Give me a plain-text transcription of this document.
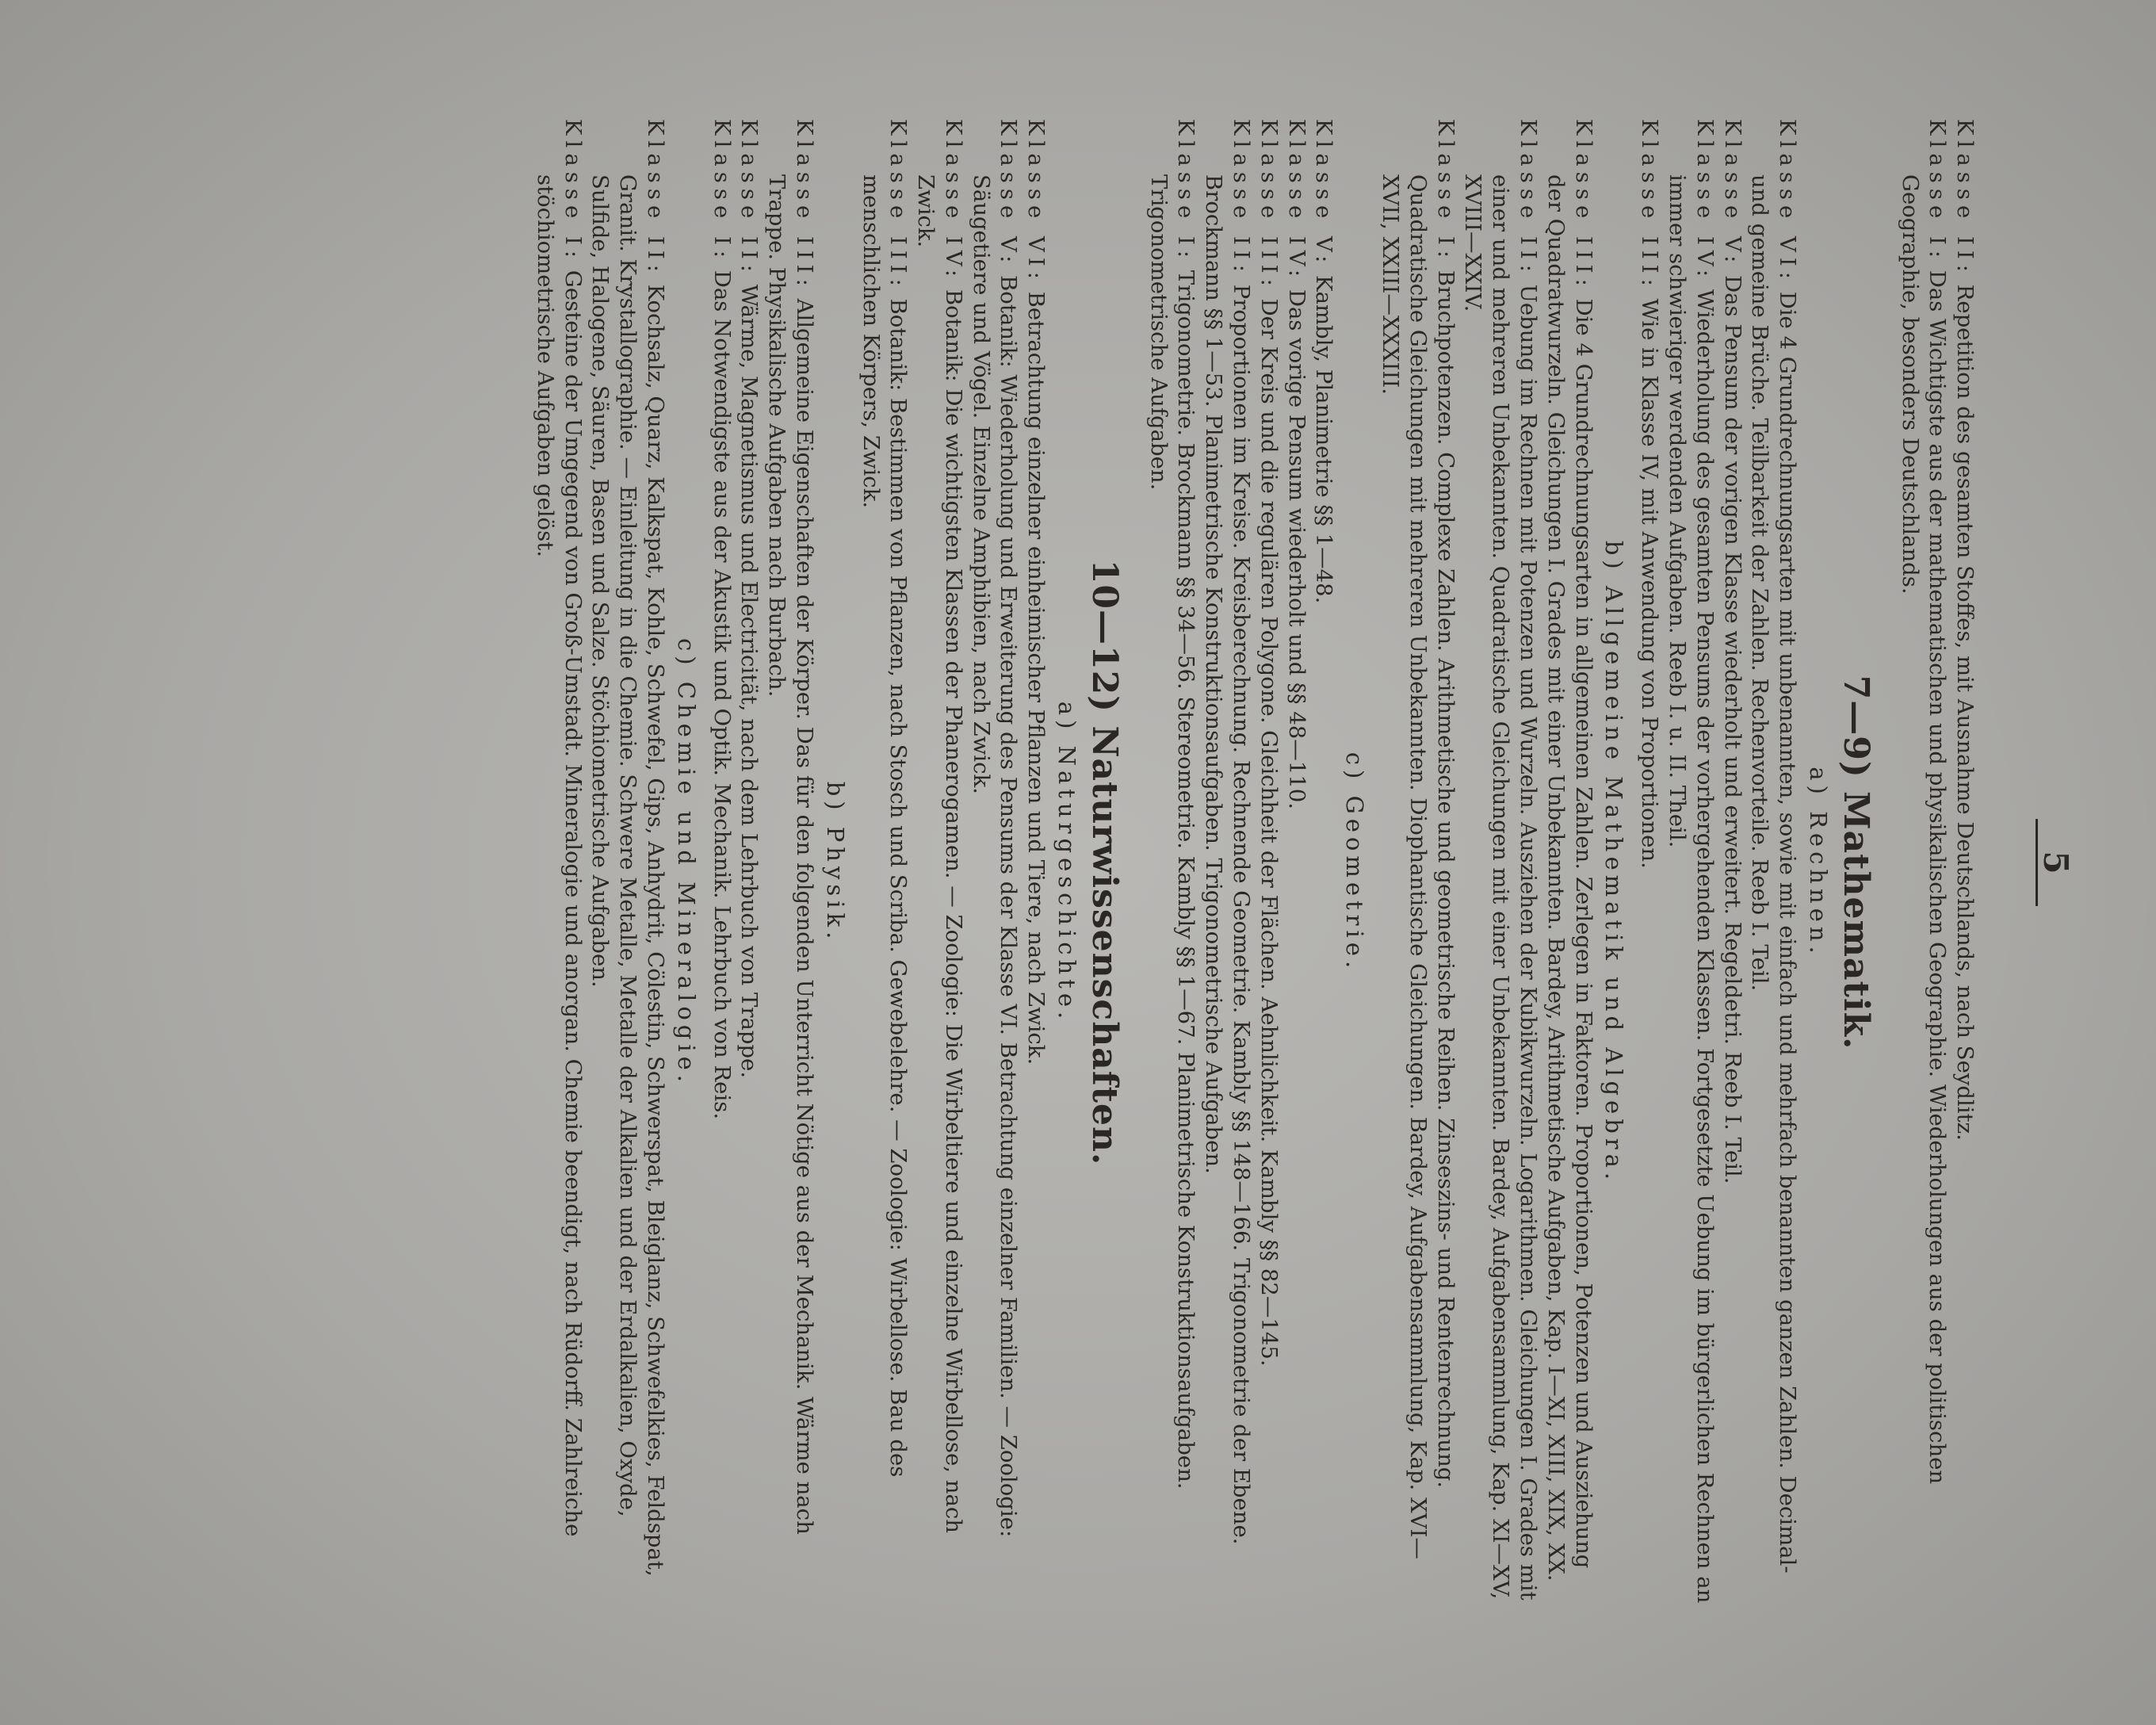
5

Klasse II: Repetition des gesamten Stoffes, mit Ausnahme Deutschlands, nach Seydlitz.

Klasse I: Das Wichtigste aus der mathematischen und physikalischen Geographie. Wiederholungen aus der politischen Geographie, besonders Deutschlands.

7—9) Mathematik.
a) Rechnen.

Klasse VI: Die 4 Grundrechnungsarten mit unbenannten, sowie mit einfach und mehrfach benannten ganzen Zahlen. Decimal- und gemeine Brüche. Teilbarkeit der Zahlen. Rechenvorteile. Reeb I. Teil.

Klasse V: Das Pensum der vorigen Klasse wiederholt und erweitert. Regeldetri. Reeb I. Teil.

Klasse IV: Wiederholung des gesamten Pensums der vorhergehenden Klassen. Fortgesetzte Uebung im bürgerlichen Rechnen an immer schwieriger werdenden Aufgaben. Reeb I. u. II. Theil.

Klasse III: Wie in Klasse IV, mit Anwendung von Proportionen.

b) Allgemeine Mathematik und Algebra.

Klasse III: Die 4 Grundrechnungsarten in allgemeinen Zahlen. Zerlegen in Faktoren. Proportionen, Potenzen und Ausziehung der Quadratwurzeln. Gleichungen I. Grades mit einer Unbekannten. Bardey, Arithmetische Aufgaben, Kap. I—XI, XIII, XIX, XX.

Klasse II: Uebung im Rechnen mit Potenzen und Wurzeln. Ausziehen der Kubikwurzeln. Logarithmen. Gleichungen I. Grades mit einer und mehreren Unbekannten. Quadratische Gleichungen mit einer Unbekannten. Bardey, Aufgabensammlung, Kap. XI—XV, XVIII—XXIV.

Klasse I: Bruchpotenzen. Complexe Zahlen. Arithmetische und geometrische Reihen. Zinseszins- und Rentenrechnung. Quadratische Gleichungen mit mehreren Unbekannten. Diophantische Gleichungen. Bardey, Aufgabensammlung, Kap. XVI—XVII, XXIII—XXXIII.

c) Geometrie.

Klasse V: Kambly, Planimetrie §§ 1—48.

Klasse IV: Das vorige Pensum wiederholt und §§ 48—110.

Klasse III: Der Kreis und die regulären Polygone. Gleichheit der Flächen. Aehnlichkeit. Kambly §§ 82—145.

Klasse II: Proportionen im Kreise. Kreisberechnung. Rechnende Geometrie. Kambly §§ 148—166. Trigonometrie der Ebene. Brockmann §§ 1—53. Planimetrische Konstruktionsaufgaben. Trigonometrische Aufgaben.

Klasse I: Trigonometrie. Brockmann §§ 34—56. Stereometrie. Kambly §§ 1—67. Planimetrische Konstruktionsaufgaben. Trigonometrische Aufgaben.

10—12) Naturwissenschaften.
a) Naturgeschichte.

Klasse VI: Betrachtung einzelner einheimischer Pflanzen und Tiere, nach Zwick.

Klasse V: Botanik: Wiederholung und Erweiterung des Pensums der Klasse VI. Betrachtung einzelner Familien. — Zoologie: Säugetiere und Vögel. Einzelne Amphibien, nach Zwick.

Klasse IV: Botanik: Die wichtigsten Klassen der Phanerogamen. — Zoologie: Die Wirbeltiere und einzelne Wirbellose, nach Zwick.

Klasse III: Botanik: Bestimmen von Pflanzen, nach Stosch und Scriba. Gewebelehre. — Zoologie: Wirbellose. Bau des menschlichen Körpers, Zwick.

b) Physik.

Klasse III: Allgemeine Eigenschaften der Körper. Das für den folgenden Unterricht Nötige aus der Mechanik. Wärme nach Trappe. Physikalische Aufgaben nach Burbach.

Klasse II: Wärme, Magnetismus und Electricität, nach dem Lehrbuch von Trappe.

Klasse I: Das Notwendigste aus der Akustik und Optik. Mechanik. Lehrbuch von Reis.

c) Chemie und Mineralogie.

Klasse II: Kochsalz, Quarz, Kalkspat, Kohle, Schwefel, Gips, Anhydrit, Cölestin, Schwerspat, Bleiglanz, Schwefelkies, Feldspat, Granit. Krystallographie. — Einleitung in die Chemie. Schwere Metalle, Metalle der Alkalien und der Erdalkalien, Oxyde, Sulfide, Halogene, Säuren, Basen und Salze. Stöchiometrische Aufgaben.

Klasse I: Gesteine der Umgegend von Groß-Umstadt. Mineralogie und anorgan. Chemie beendigt, nach Rüdorff. Zahlreiche stöchiometrische Aufgaben gelöst.
